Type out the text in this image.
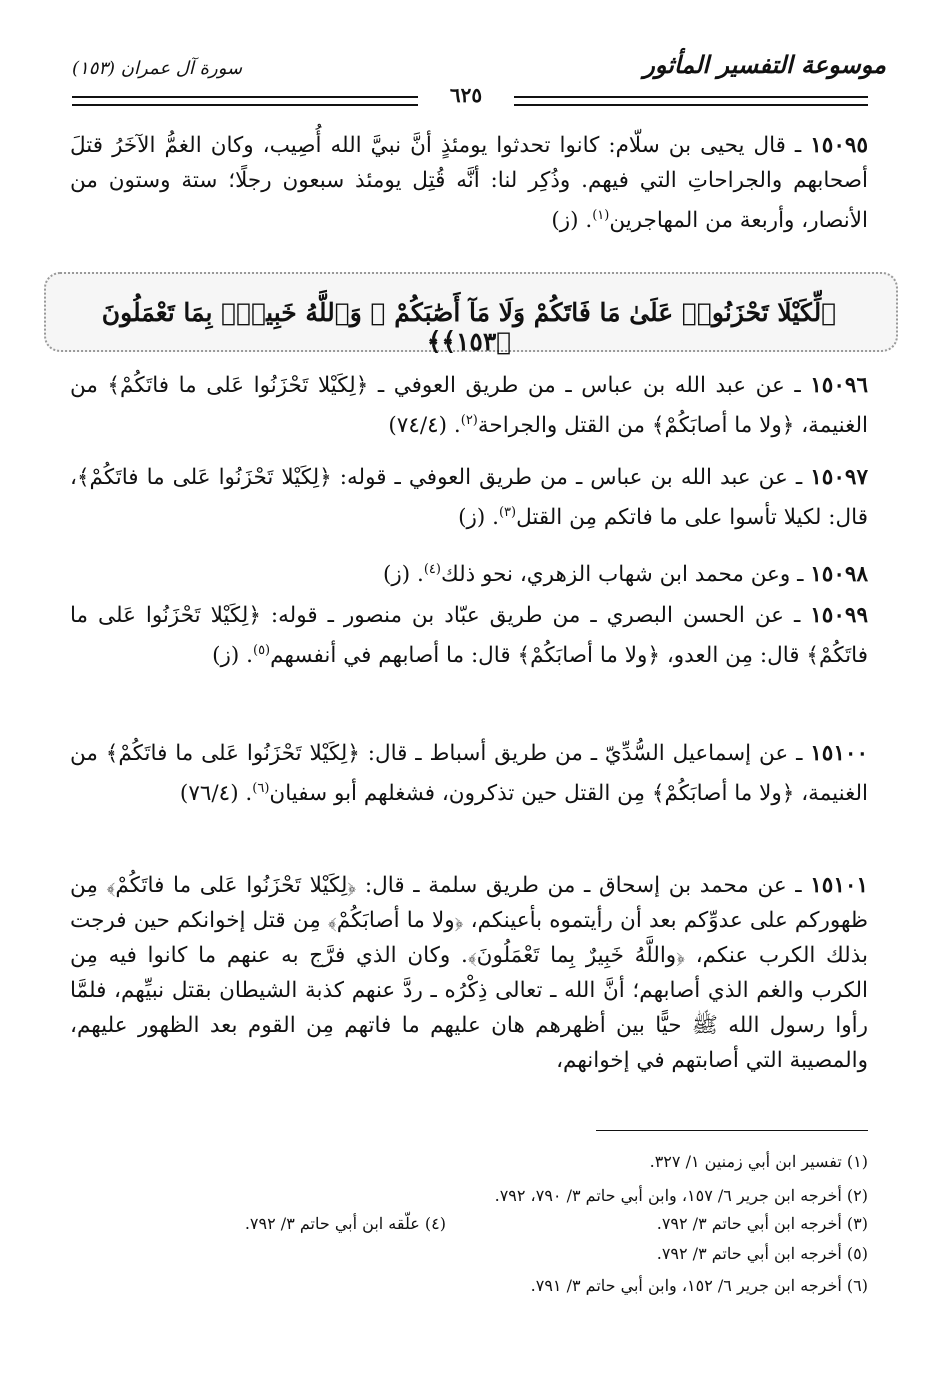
موسوعة التفسير المأثور
سورة آل عمران (١٥٣)
٦٢٥
١٥٠٩٥ ـ قال يحيى بن سلّام: كانوا تحدثوا يومئذٍ أنَّ نبيَّ الله أُصِيب، وكان الغمُّ الآخَرُ قتلَ أصحابهم والجراحاتِ التي فيهم. وذُكِر لنا: أنَّه قُتِل يومئذ سبعون رجلًا؛ ستة وستون من الأنصار، وأربعة من المهاجرين$^{(١)}$. (ز)
﴿لِّكَيْلَا تَحْزَنُوا۟ عَلَىٰ مَا فَاتَكُمْ وَلَا مَآ أَصَٰبَكُمْ ۗ وَٱللَّهُ خَبِيرٌۢ بِمَا تَعْمَلُونَ ﴿١٥٣﴾﴾
١٥٠٩٦ ـ عن عبد الله بن عباس ـ من طريق العوفي ـ ﴿لِكَيْلا تَحْزَنُوا عَلى ما فاتَكُمْ﴾ من الغنيمة، ﴿ولا ما أصابَكُمْ﴾ من القتل والجراحة$^{(٢)}$. (٧٤/٤)
١٥٠٩٧ ـ عن عبد الله بن عباس ـ من طريق العوفي ـ قوله: ﴿لِكَيْلا تَحْزَنُوا عَلى ما فاتَكُمْ﴾، قال: لكيلا تأسوا على ما فاتكم مِن القتل$^{(٣)}$. (ز)
١٥٠٩٨ ـ وعن محمد ابن شهاب الزهري، نحو ذلك$^{(٤)}$. (ز)
١٥٠٩٩ ـ عن الحسن البصري ـ من طريق عبّاد بن منصور ـ قوله: ﴿لِكَيْلا تَحْزَنُوا عَلى ما فاتَكُمْ﴾ قال: مِن العدو، ﴿ولا ما أصابَكُمْ﴾ قال: ما أصابهم في أنفسهم$^{(٥)}$. (ز)
١٥١٠٠ ـ عن إسماعيل السُّدِّيّ ـ من طريق أسباط ـ قال: ﴿لِكَيْلا تَحْزَنُوا عَلى ما فاتَكُمْ﴾ من الغنيمة، ﴿ولا ما أصابَكُمْ﴾ مِن القتل حين تذكرون، فشغلهم أبو سفيان$^{(٦)}$. (٧٦/٤)
١٥١٠١ ـ عن محمد بن إسحاق ـ من طريق سلمة ـ قال: ﴿لِكَيْلا تَحْزَنُوا عَلى ما فاتَكُمْ﴾ مِن ظهوركم على عدوِّكم بعد أن رأيتموه بأعينكم، ﴿ولا ما أصابَكُمْ﴾ مِن قتل إخوانكم حين فرجت بذلك الكرب عنكم، ﴿واللَّهُ خَبِيرٌ بِما تَعْمَلُونَ﴾. وكان الذي فرَّج به عنهم ما كانوا فيه مِن الكرب والغم الذي أصابهم؛ أنَّ الله ـ تعالى ذِكْرُه ـ ردَّ عنهم كذبة الشيطان بقتل نبيِّهم، فلمَّا رأوا رسول الله ﷺ حيًّا بين أظهرهم هان عليهم ما فاتهم مِن القوم بعد الظهور عليهم، والمصيبة التي أصابتهم في إخوانهم،
(١) تفسير ابن أبي زمنين ١/ ٣٢٧.
(٢) أخرجه ابن جرير ٦/ ١٥٧، وابن أبي حاتم ٣/ ٧٩٠، ٧٩٢.
(٣) أخرجه ابن أبي حاتم ٣/ ٧٩٢.
(٤) علّقه ابن أبي حاتم ٣/ ٧٩٢.
(٥) أخرجه ابن أبي حاتم ٣/ ٧٩٢.
(٦) أخرجه ابن جرير ٦/ ١٥٢، وابن أبي حاتم ٣/ ٧٩١.
